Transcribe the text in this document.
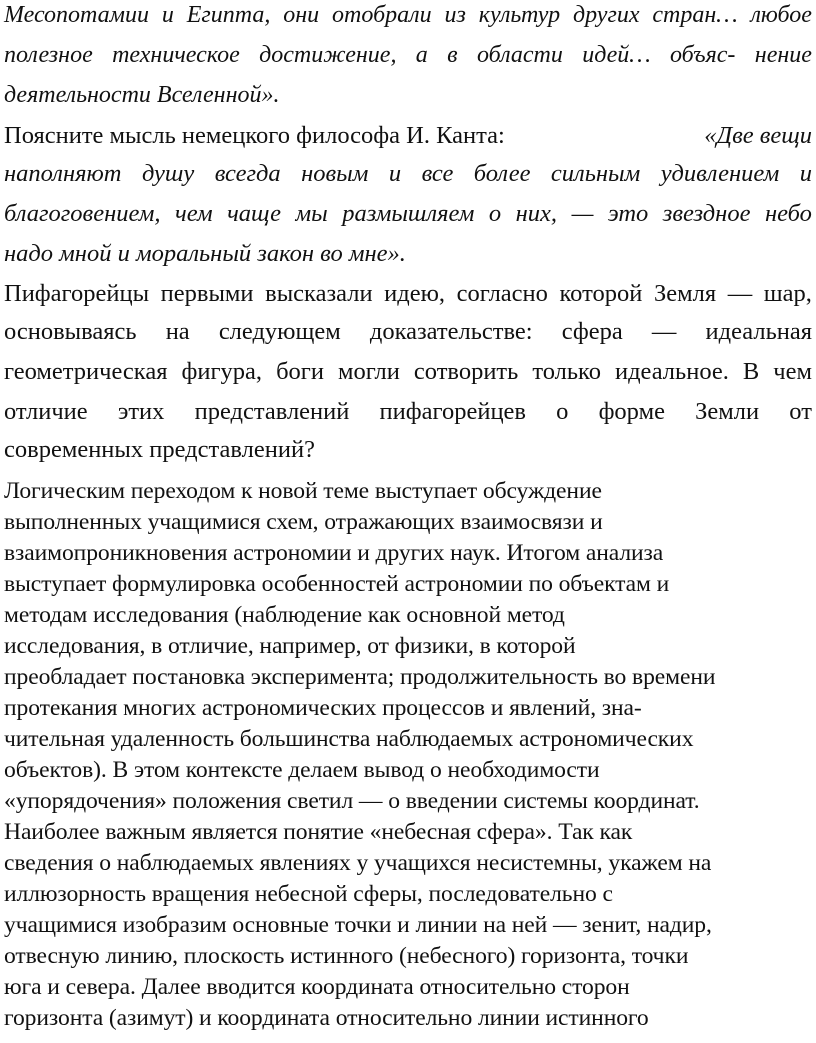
Месопотамии и Египта, они отобрали из культур других стран… любое
полезное техническое достижение, а в области идей… объяс- нение
деятельности Вселенной».
Поясните мысль немецкого философа И. Канта:	«Две вещи
наполняют душу всегда новым и все более сильным удивлением и
благоговением, чем чаще мы размышляем о них, — это звездное небо
надо мной и моральный закон во мне».
Пифагорейцы первыми высказали идею, согласно которой Земля — шар,
основываясь на следующем доказательстве: сфера — идеальная
геометрическая фигура, боги могли сотворить только идеальное. В чем
отличие этих представлений пифагорейцев о форме Земли от
современных представлений?
Логическим переходом к новой теме выступает обсуждение
выполненных учащимися схем, отражающих взаимосвязи и
взаимопроникновения астрономии и других наук. Итогом анализа
выступает формулировка особенностей астрономии по объектам и
методам исследования (наблюдение как основной метод
исследования, в отличие, например, от физики, в которой
преобладает постановка эксперимента; продолжительность во времени
протекания многих астрономических процессов и явлений, зна-
чительная удаленность большинства наблюдаемых астрономических
объектов). В этом контексте делаем вывод о необходимости
«упорядочения» положения светил — о введении системы координат.
Наиболее важным является понятие «небесная сфера». Так как
сведения о наблюдаемых явлениях у учащихся несистемны, укажем на
иллюзорность вращения небесной сферы, последовательно с
учащимися изобразим основные точки и линии на ней — зенит, надир,
отвесную линию, плоскость истинного (небесного) горизонта, точки
юга и севера. Далее вводится координата относительно сторон
горизонта (азимут) и координата относительно линии истинного
